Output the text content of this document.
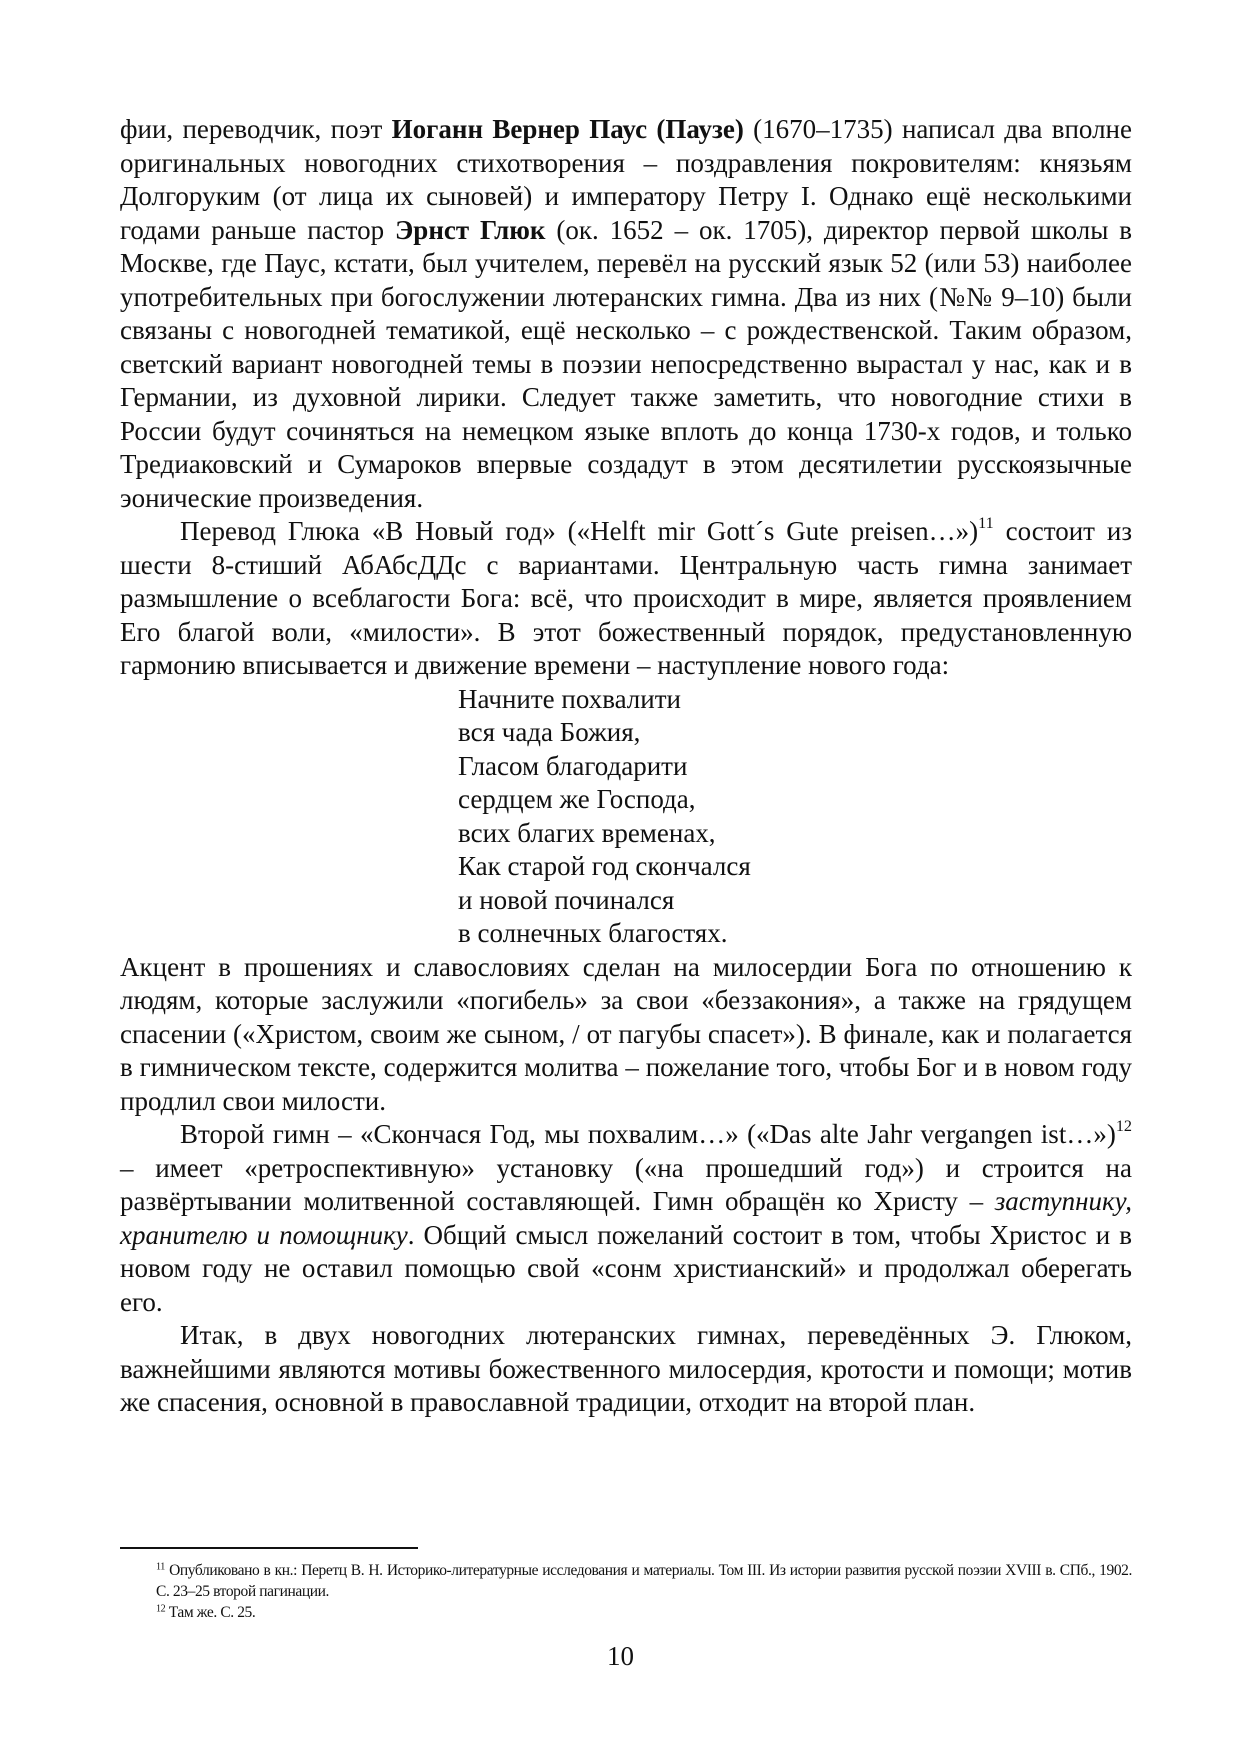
фии, переводчик, поэт Иоганн Вернер Паус (Паузе) (1670–1735) написал два вполне оригинальных новогодних стихотворения – поздравления покровителям: князьям Долгоруким (от лица их сыновей) и императору Петру I. Однако ещё несколькими годами раньше пастор Эрнст Глюк (ок. 1652 – ок. 1705), директор первой школы в Москве, где Паус, кстати, был учителем, перевёл на русский язык 52 (или 53) наиболее употребительных при богослужении лютеранских гимна. Два из них (№№ 9–10) были связаны с новогодней тематикой, ещё несколько – с рождественской. Таким образом, светский вариант новогодней темы в поэзии непосредственно вырастал у нас, как и в Германии, из духовной лирики. Следует также заметить, что новогодние стихи в России будут сочиняться на немецком языке вплоть до конца 1730-х годов, и только Тредиаковский и Сумароков впервые создадут в этом десятилетии русскоязычные эонические произведения.

Перевод Глюка «В Новый год» («Helft mir Gott´s Gute preisen…»)$^{11}$ состоит из шести 8-стиший АбАбсДДс с вариантами. Центральную часть гимна занимает размышление о всеблагости Бога: всё, что происходит в мире, является проявлением Его благой воли, «милости». В этот божественный порядок, предустановленную гармонию вписывается и движение времени – наступление нового года:

Начните похвалити
вся чада Божия,
Гласом благодарити
сердцем же Господа,
всих благих временах,
Как старой год скончался
и новой починался
в солнечных благостях.

Акцент в прошениях и славословиях сделан на милосердии Бога по отношению к людям, которые заслужили «погибель» за свои «беззакония», а также на грядущем спасении («Христом, своим же сыном, / от пагубы спасет»). В финале, как и полагается в гимническом тексте, содержится молитва – пожелание того, чтобы Бог и в новом году продлил свои милости.

Второй гимн – «Скончася Год, мы похвалим…» («Das alte Jahr vergangen ist…»)$^{12}$ – имеет «ретроспективную» установку («на прошедший год») и строится на развёртывании молитвенной составляющей. Гимн обращён ко Христу – заступнику, хранителю и помощнику. Общий смысл пожеланий состоит в том, чтобы Христос и в новом году не оставил помощью свой «сонм христианский» и продолжал оберегать его.

Итак, в двух новогодних лютеранских гимнах, переведённых Э. Глюком, важнейшими являются мотивы божественного милосердия, кротости и помощи; мотив же спасения, основной в православной традиции, отходит на второй план.

$^{11}$ Опубликовано в кн.: Перетц В. Н. Историко-литературные исследования и материалы. Том III. Из истории развития русской поэзии XVIII в. СПб., 1902. С. 23–25 второй пагинации.

$^{12}$ Там же. С. 25.

10
